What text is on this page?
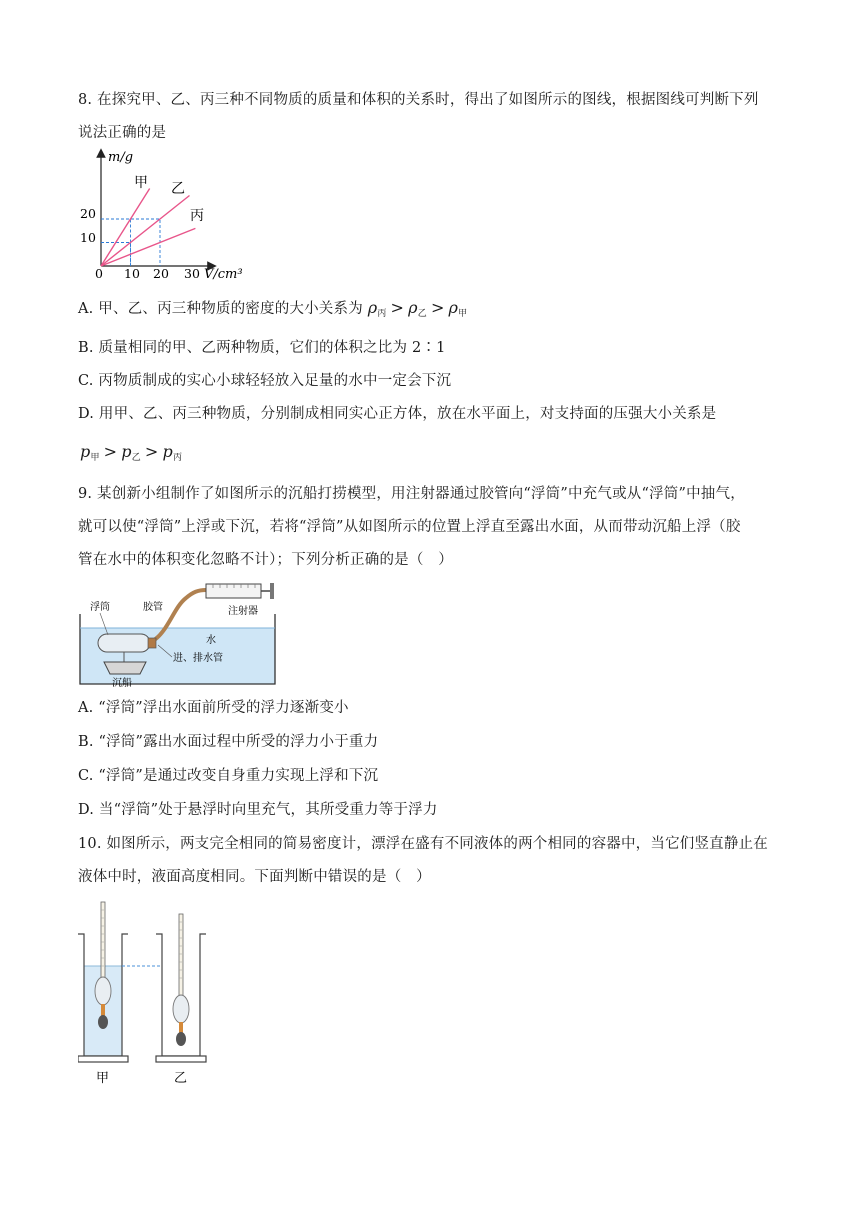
8. 在探究甲、乙、丙三种不同物质的质量和体积的关系时，得出了如图所示的图线，根据图线可判断下列
说法正确的是
m/g
V/cm³
0 10 20 30
10
20
甲 乙
丙
A. 甲、乙、丙三种物质的密度的大小关系为 $\rho_丙 > \rho_乙 > \rho_甲$
B. 质量相同的甲、乙两种物质，它们的体积之比为 2∶1
C. 丙物质制成的实心小球轻轻放入足量的水中一定会下沉
D. 用甲、乙、丙三种物质，分别制成相同实心正方体，放在水平面上，对支持面的压强大小关系是
$p_甲 > p_乙 > p_丙$
9. 某创新小组制作了如图所示的沉船打捞模型，用注射器通过胶管向“浮筒”中充气或从“浮筒”中抽气，
就可以使“浮筒”上浮或下沉，若将“浮筒”从如图所示的位置上浮直至露出水面，从而带动沉船上浮（胶
管在水中的体积变化忽略不计）；下列分析正确的是（　）
浮筒	胶管	注射器
水
进、排水管
沉船
A. “浮筒”浮出水面前所受的浮力逐渐变小
B. “浮筒”露出水面过程中所受的浮力小于重力
C. “浮筒”是通过改变自身重力实现上浮和下沉
D. 当“浮筒”处于悬浮时向里充气，其所受重力等于浮力
10. 如图所示，两支完全相同的简易密度计，漂浮在盛有不同液体的两个相同的容器中，当它们竖直静止在
液体中时，液面高度相同。下面判断中错误的是（　）
甲	乙
